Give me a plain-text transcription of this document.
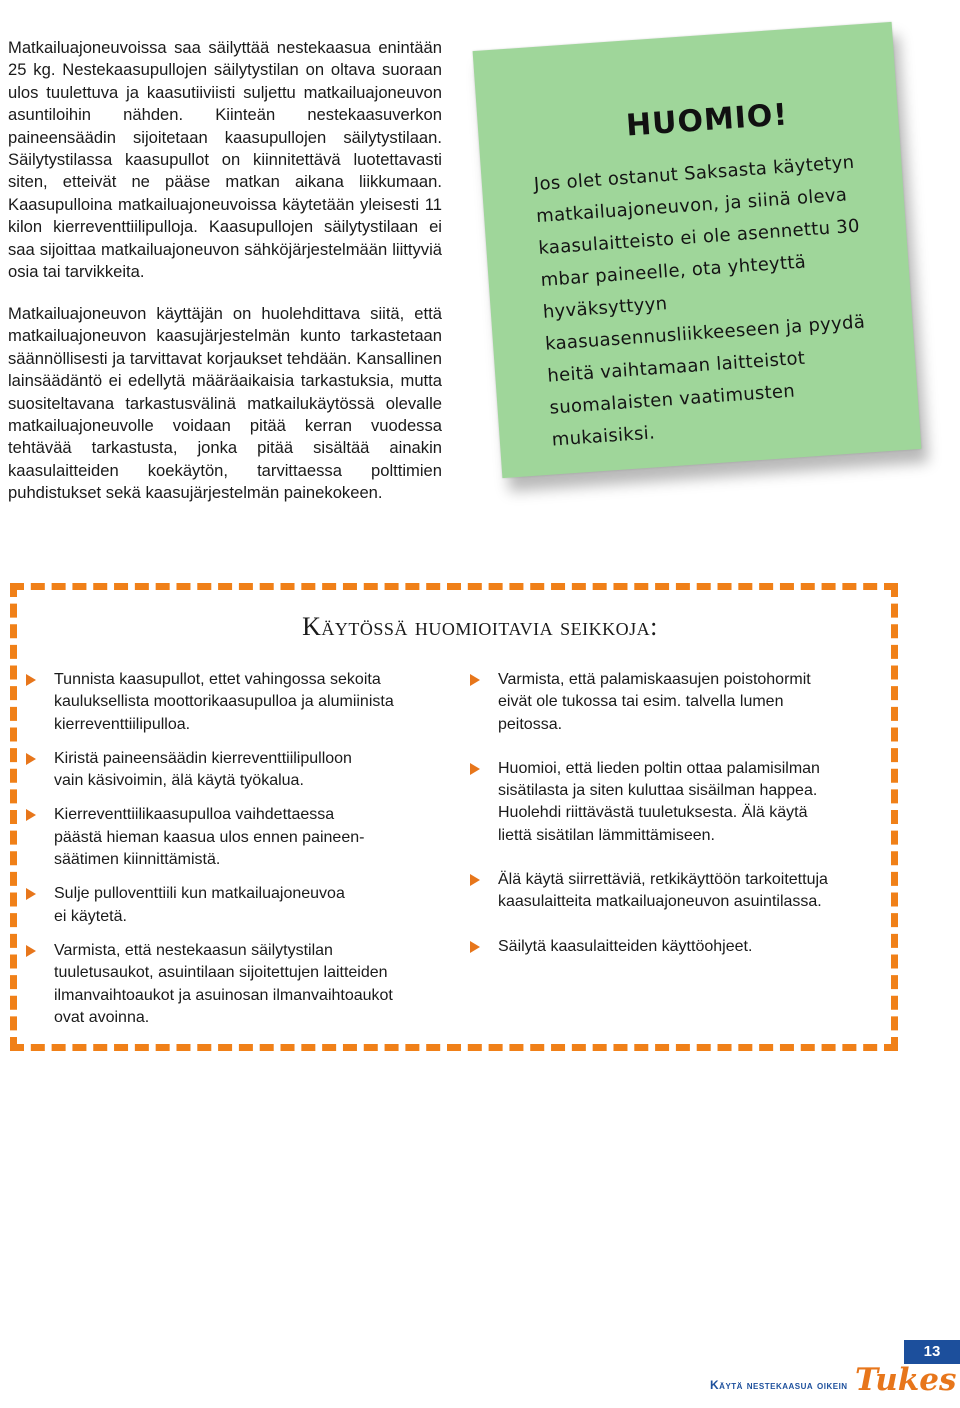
Matkailuajoneuvoissa saa säilyttää nestekaasua enintään 25 kg. Nestekaasupullojen säilytystilan on oltava suoraan ulos tuulettuva ja kaasutiiviisti suljettu matkailuajoneuvon asuntiloihin nähden. Kiinteän nestekaasuverkon paineensäädin sijoitetaan kaasupullojen säilytystilaan. Säilytystilassa kaasupullot on kiinnitettävä luotettavasti siten, etteivät ne pääse matkan aikana liikkumaan. Kaasupulloina matkailuajoneuvoissa käytetään yleisesti 11 kilon kierreventtiilipulloja. Kaasupullojen säilytystilaan ei saa sijoittaa matkailuajoneuvon sähköjärjestelmään liittyviä osia tai tarvikkeita.

Matkailuajoneuvon käyttäjän on huolehdittava siitä, että matkailuajoneuvon kaasujärjestelmän kunto tarkastetaan säännöllisesti ja tarvittavat korjaukset tehdään. Kansallinen lainsäädäntö ei edellytä määräaikaisia tarkastuksia, mutta suositeltavana tarkastusvälinä matkailukäytössä olevalle matkailuajoneuvolle voidaan pitää kerran vuodessa tehtävää tarkastusta, jonka pitää sisältää ainakin kaasulaitteiden koekäytön, tarvittaessa polttimien puhdistukset sekä kaasujärjestelmän painekokeen.

HUOMIO!
Jos olet ostanut Saksasta käytetyn matkailuajoneuvon, ja siinä oleva kaasulaitteisto ei ole asennettu 30 mbar paineelle, ota yhteyttä hyväksyttyyn kaasuasennusliikkeeseen ja pyydä heitä vaihtamaan laitteistot suomalaisten vaatimusten mukaisiksi.
Käytössä huomioitavia seikkoja:
Tunnista kaasupullot, ettet vahingossa sekoita
kauluksellista moottorikaasupulloa ja alumiinista
kierreventtiilipulloa.
Kiristä paineensäädin kierreventtiilipulloon
vain käsivoimin, älä käytä työkalua.
Kierreventtiilikaasupulloa vaihdettaessa
päästä hieman kaasua ulos ennen paineen-
säätimen kiinnittämistä.
Sulje pulloventtiili kun matkailuajoneuvoa
ei käytetä.
Varmista, että nestekaasun säilytystilan
tuuletusaukot, asuintilaan sijoitettujen laitteiden
ilmanvaihtoaukot ja asuinosan ilmanvaihtoaukot
ovat avoinna.
Varmista, että palamiskaasujen poistohormit
eivät ole tukossa tai esim. talvella lumen
peitossa.
Huomioi, että lieden poltin ottaa palamisilman
sisätilasta ja siten kuluttaa sisäilman happea.
Huolehdi riittävästä tuuletuksesta. Älä käytä
liettä sisätilan lämmittämiseen.
Älä käytä siirrettäviä, retkikäyttöön tarkoitettuja
kaasulaitteita matkailuajoneuvon asuintilassa.
Säilytä kaasulaitteiden käyttöohjeet.
13
Käytä nestekaasua oikein Tukes
